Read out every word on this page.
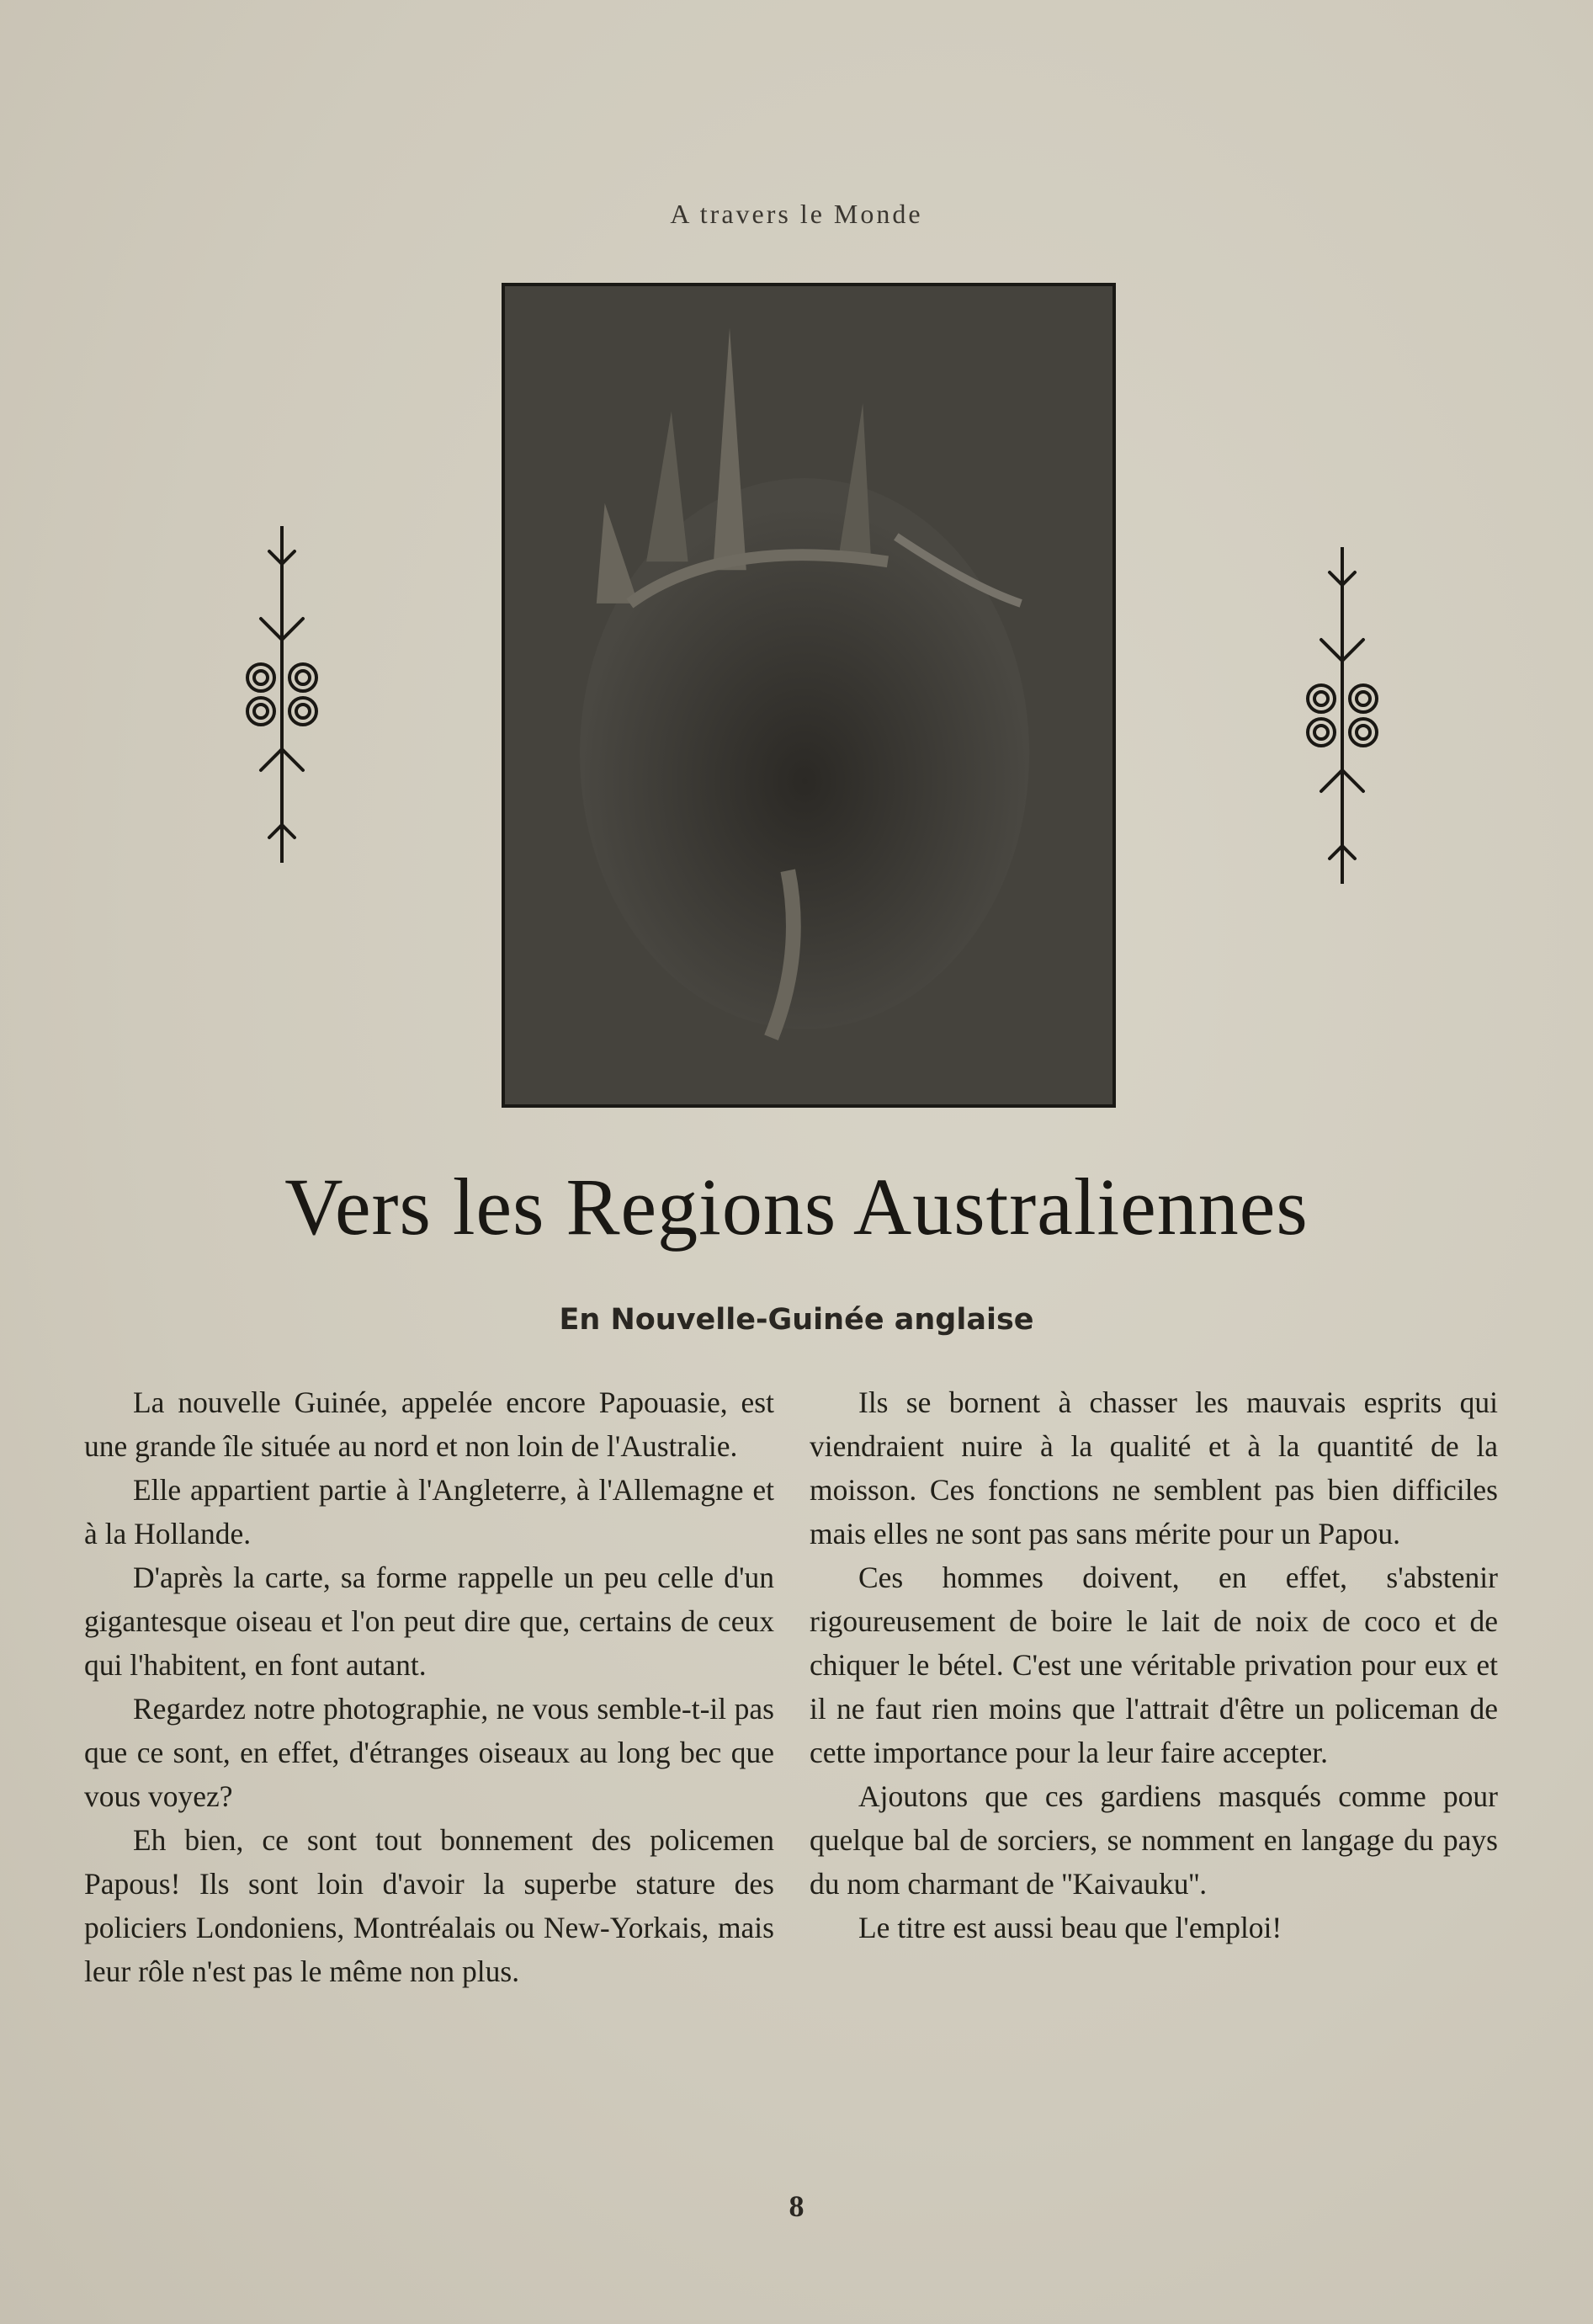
A travers le Monde
Vers les Regions Australiennes
En Nouvelle-Guinée anglaise

La nouvelle Guinée, appelée encore Papouasie, est une grande île située au nord et non loin de l'Australie.

Elle appartient partie à l'Angleterre, à l'Allemagne et à la Hollande.

D'après la carte, sa forme rappelle un peu celle d'un gigantesque oiseau et l'on peut dire que, certains de ceux qui l'habitent, en font autant.

Regardez notre photographie, ne vous semble-t-il pas que ce sont, en effet, d'étranges oiseaux au long bec que vous voyez?

Eh bien, ce sont tout bonnement des policemen Papous! Ils sont loin d'avoir la superbe stature des policiers Londoniens, Montréalais ou New-Yorkais, mais leur rôle n'est pas le même non plus.

Ils se bornent à chasser les mauvais esprits qui viendraient nuire à la qualité et à la quantité de la moisson. Ces fonctions ne semblent pas bien difficiles mais elles ne sont pas sans mérite pour un Papou.

Ces hommes doivent, en effet, s'abstenir rigoureusement de boire le lait de noix de coco et de chiquer le bétel. C'est une véritable privation pour eux et il ne faut rien moins que l'attrait d'être un policeman de cette importance pour la leur faire accepter.

Ajoutons que ces gardiens masqués comme pour quelque bal de sorciers, se nomment en langage du pays du nom charmant de ''Kaivauku''.

Le titre est aussi beau que l'emploi!

8
